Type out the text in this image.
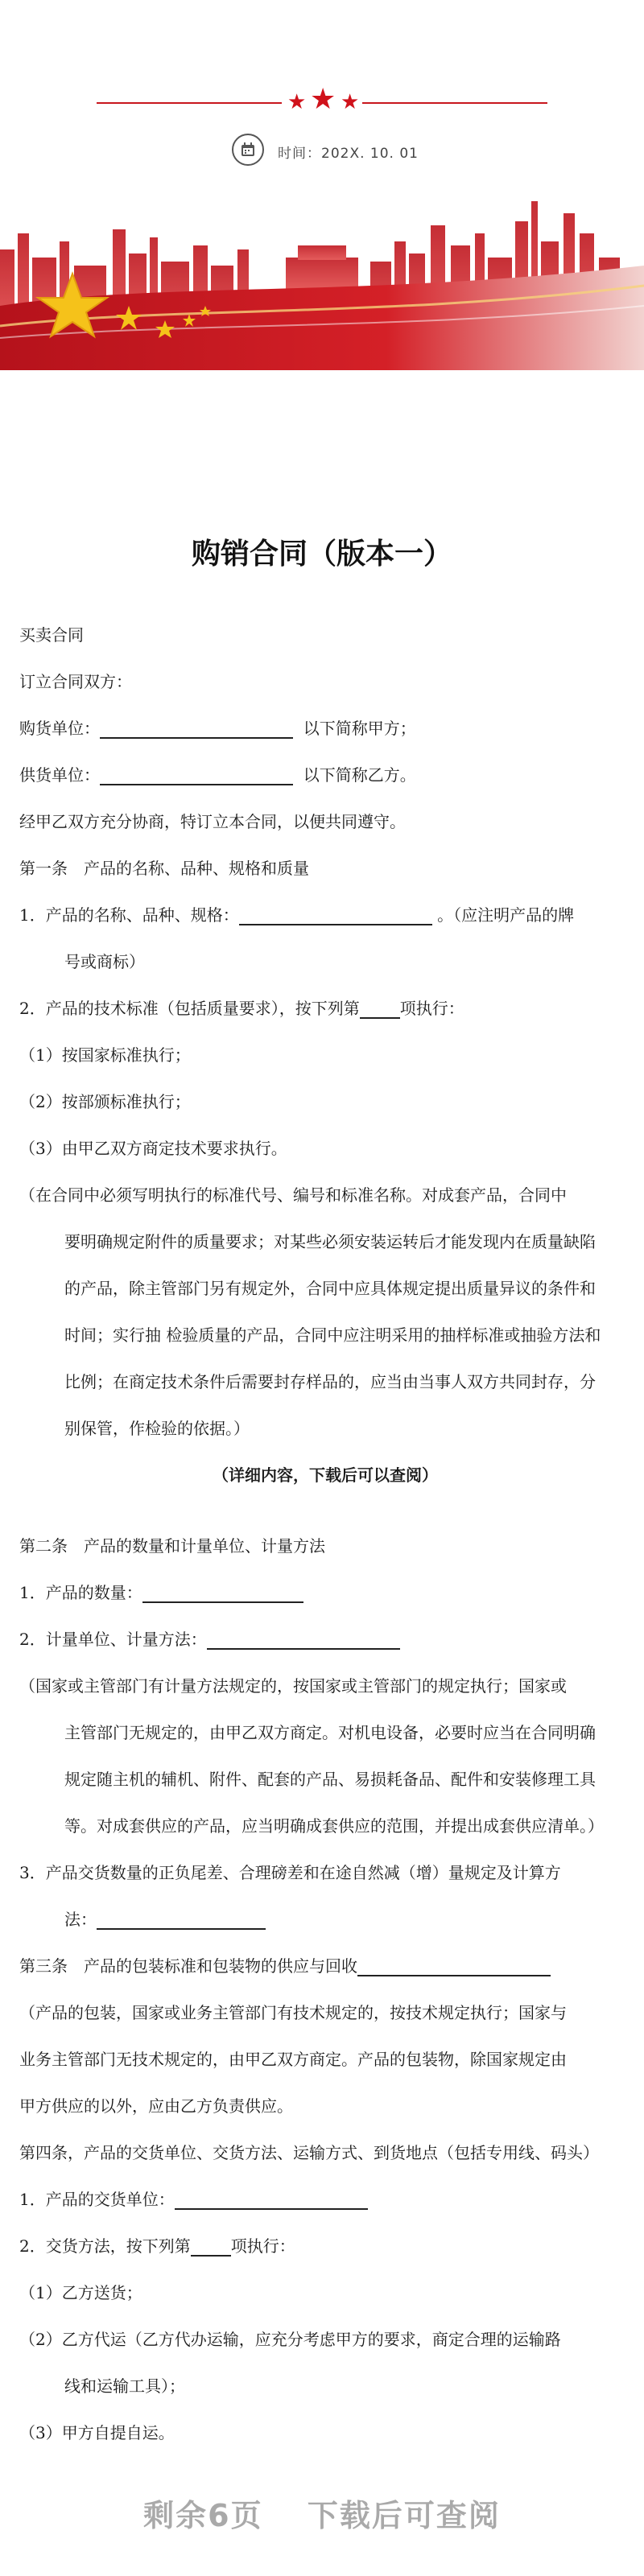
★ ★ ★
时间：202X. 10. 01
购销合同（版本一）
买卖合同
订立合同双方：
购货单位：	以下简称甲方；
供货单位：	以下简称乙方。
经甲乙双方充分协商，特订立本合同，以便共同遵守。
第一条　产品的名称、品种、规格和质量
1．产品的名称、品种、规格：	。（应注明产品的牌
号或商标）
2．产品的技术标准（包括质量要求），按下列第	项执行：
（1）按国家标准执行；
（2）按部颁标准执行；
（3）由甲乙双方商定技术要求执行。
（在合同中必须写明执行的标准代号、编号和标准名称。对成套产品，合同中
要明确规定附件的质量要求；对某些必须安装运转后才能发现内在质量缺陷
的产品，除主管部门另有规定外，合同中应具体规定提出质量异议的条件和
时间；实行抽 检验质量的产品，合同中应注明采用的抽样标准或抽验方法和
比例；在商定技术条件后需要封存样品的，应当由当事人双方共同封存，分
别保管，作检验的依据。）
（详细内容，下载后可以查阅）
第二条　产品的数量和计量单位、计量方法
1．产品的数量：
2．计量单位、计量方法：
（国家或主管部门有计量方法规定的，按国家或主管部门的规定执行；国家或
主管部门无规定的，由甲乙双方商定。对机电设备，必要时应当在合同明确
规定随主机的辅机、附件、配套的产品、易损耗备品、配件和安装修理工具
等。对成套供应的产品，应当明确成套供应的范围，并提出成套供应清单。）
3．产品交货数量的正负尾差、合理磅差和在途自然减（增）量规定及计算方
法：
第三条　产品的包装标准和包装物的供应与回收
（产品的包装，国家或业务主管部门有技术规定的，按技术规定执行；国家与
业务主管部门无技术规定的，由甲乙双方商定。产品的包装物，除国家规定由
甲方供应的以外，应由乙方负责供应。
第四条，产品的交货单位、交货方法、运输方式、到货地点（包括专用线、码头）
1．产品的交货单位：
2．交货方法，按下列第	项执行：
（1）乙方送货；
（2）乙方代运（乙方代办运输，应充分考虑甲方的要求，商定合理的运输路
线和运输工具）；
（3）甲方自提自运。
剩余6页　 下载后可查阅
